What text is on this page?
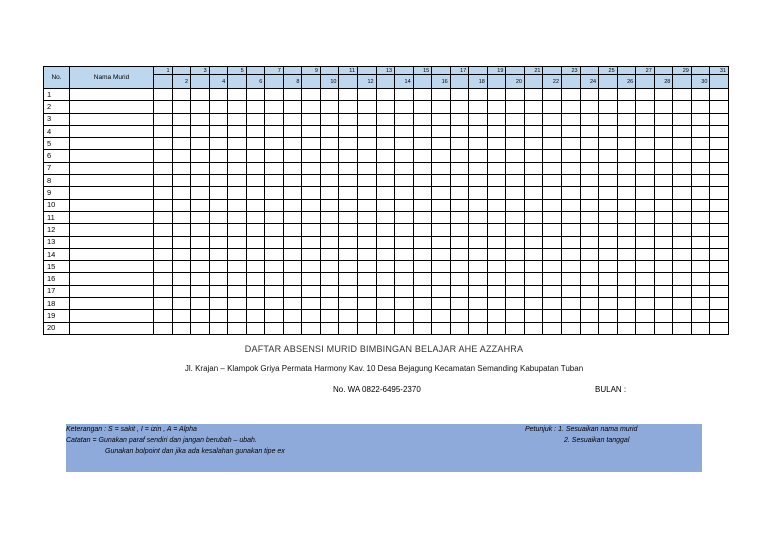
No.	Nama Murid	1		3		5		7		9		11		13		15		17		19		21		23		25		27		29		31
			2		4		6		8		10		12		14		16		18		20		22		24		26		28		30	
1																																
2																																
3																																
4																																
5																																
6																																
7																																
8																																
9																																
10																																
11																																
12																																
13																																
14																																
15																																
16																																
17																																
18																																
19																																
20																																
DAFTAR ABSENSI MURID BIMBINGAN BELAJAR AHE AZZAHRA
Jl. Krajan – Klampok Griya Permata Harmony Kav. 10 Desa Bejagung Kecamatan Semanding Kabupatan Tuban
No. WA 0822-6495-2370	BULAN :
Keterangan : S = sakit , I = izin , A = Alpha
Catatan = Gunakan paraf sendiri dan jangan berubah – ubah.
Gunakan bolpoint dan jika ada kesalahan gunakan tipe ex
Petunjuk : 1. Sesuaikan nama murid
2. Sesuaikan tanggal
